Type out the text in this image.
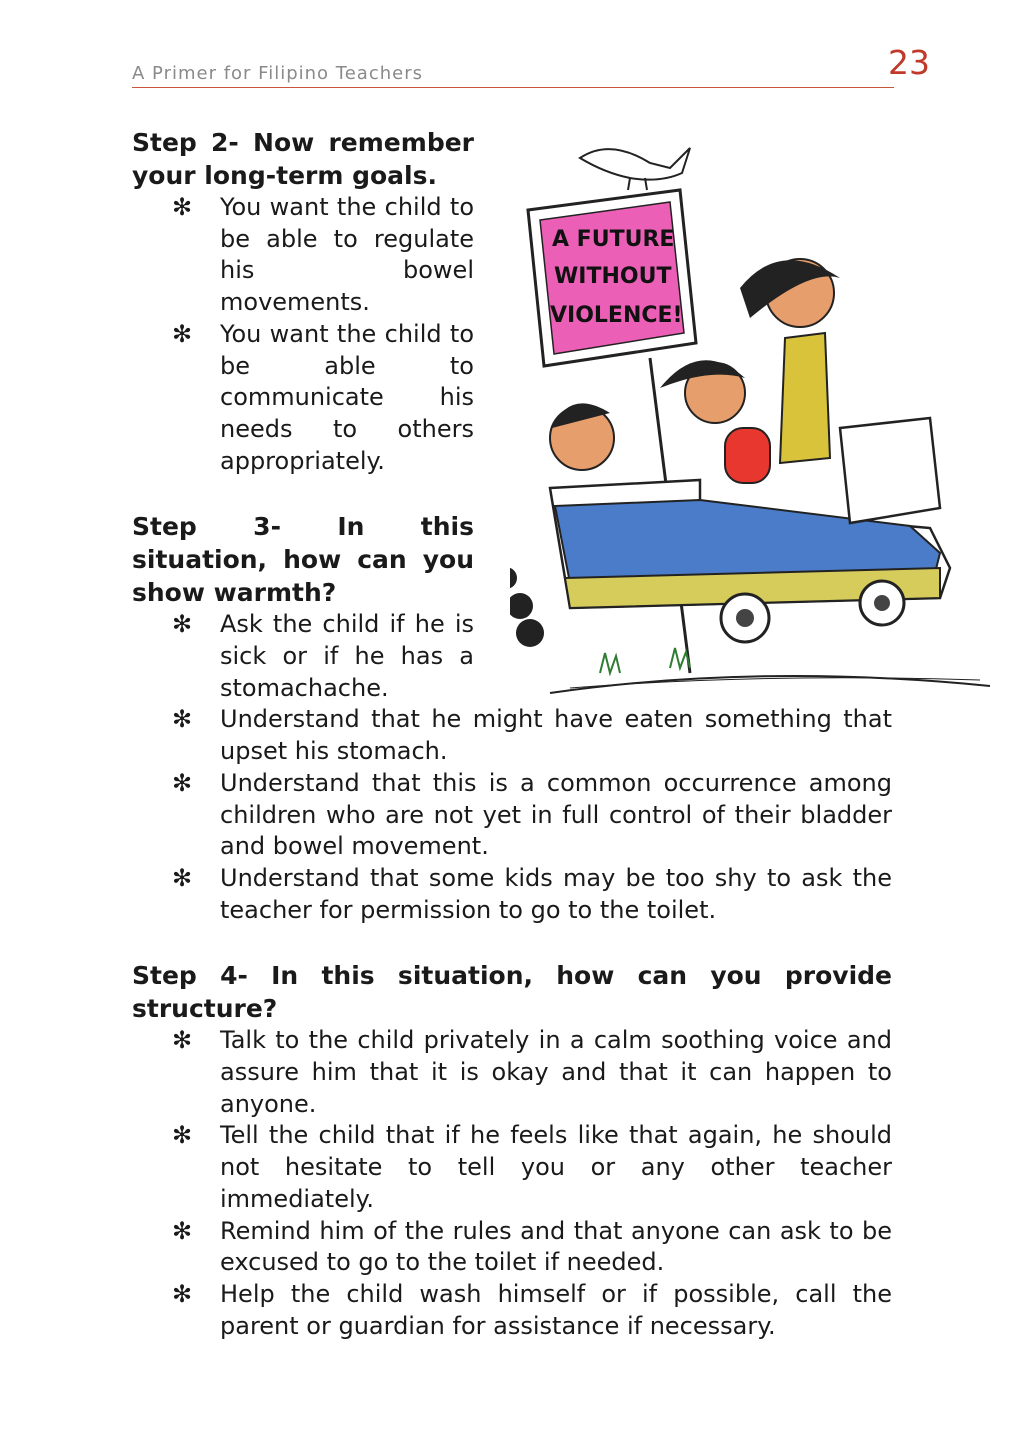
A Primer for Filipino Teachers	23
A FUTURE
WITHOUT
VIOLENCE!

Step 2- Now remember your long-term goals.

✻ You want the child to be able to regulate his bowel movements.
✻ You want the child to be able to communicate his needs to others appropriately.

Step 3- In this situation, how can you show warmth?

✻ Ask the child if he is sick or if he has a stomachache.
✻ Understand that he might have eaten something that upset his stomach.
✻ Understand that this is a common occurrence among children who are not yet in full control of their bladder and bowel movement.
✻ Understand that some kids may be too shy to ask the teacher for permission to go to the toilet.

Step 4- In this situation, how can you provide structure?

✻ Talk to the child privately in a calm soothing voice and assure him that it is okay and that it can happen to anyone.
✻ Tell the child that if he feels like that again, he should not hesitate to tell you or any other teacher immediately.
✻ Remind him of the rules and that anyone can ask to be excused to go to the toilet if needed.
✻ Help the child wash himself or if possible, call the parent or guardian for assistance if necessary.
